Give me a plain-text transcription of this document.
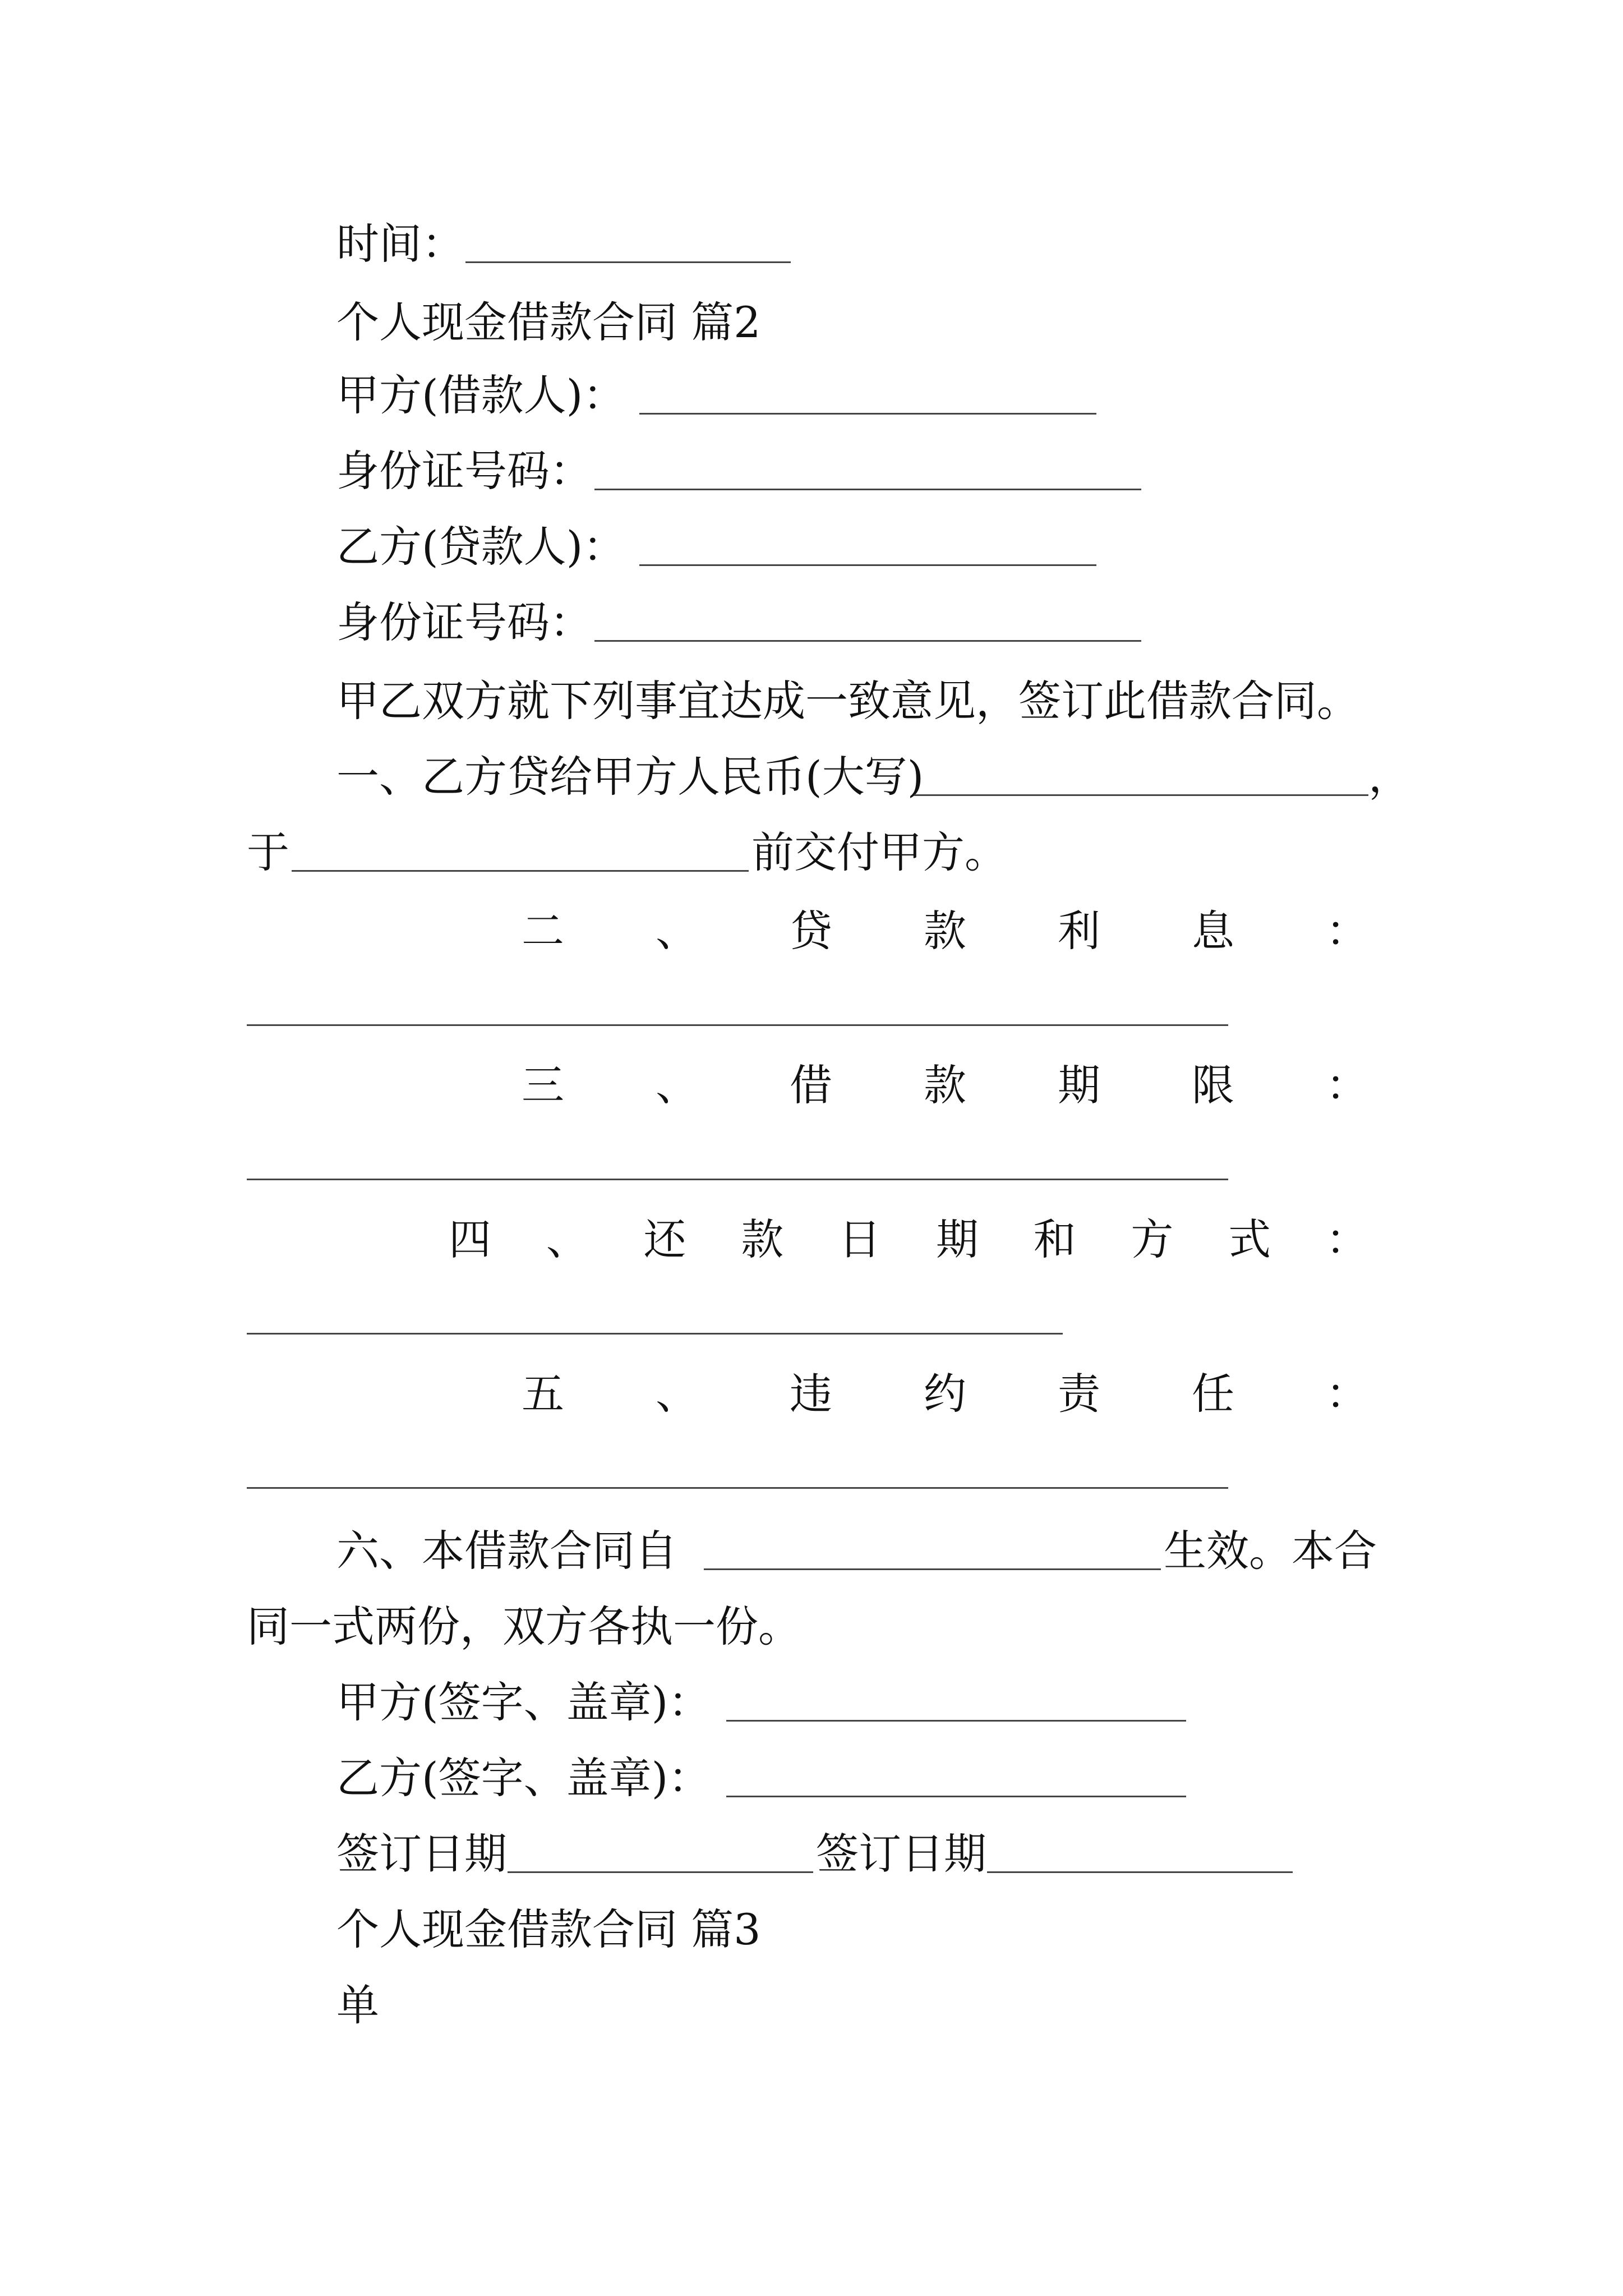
时间：
个人现金借款合同 篇2
甲方(借款人)：
身份证号码：
乙方(贷款人)：
身份证号码：
甲乙双方就下列事宜达成一致意见，签订此借款合同。
一、乙方贷给甲方人民币(大写)	，
于	前交付甲方。
二 、 贷 款 利 息 ：
三 、 借 款 期 限 ：
四 、 还 款 日 期 和 方 式 ：
五 、 违 约 责 任 ：
六、本借款合同自	生效。本合
同一式两份，双方各执一份。
甲方(签字、盖章)：
乙方(签字、盖章)：
签订日期	签订日期
个人现金借款合同 篇3
单
